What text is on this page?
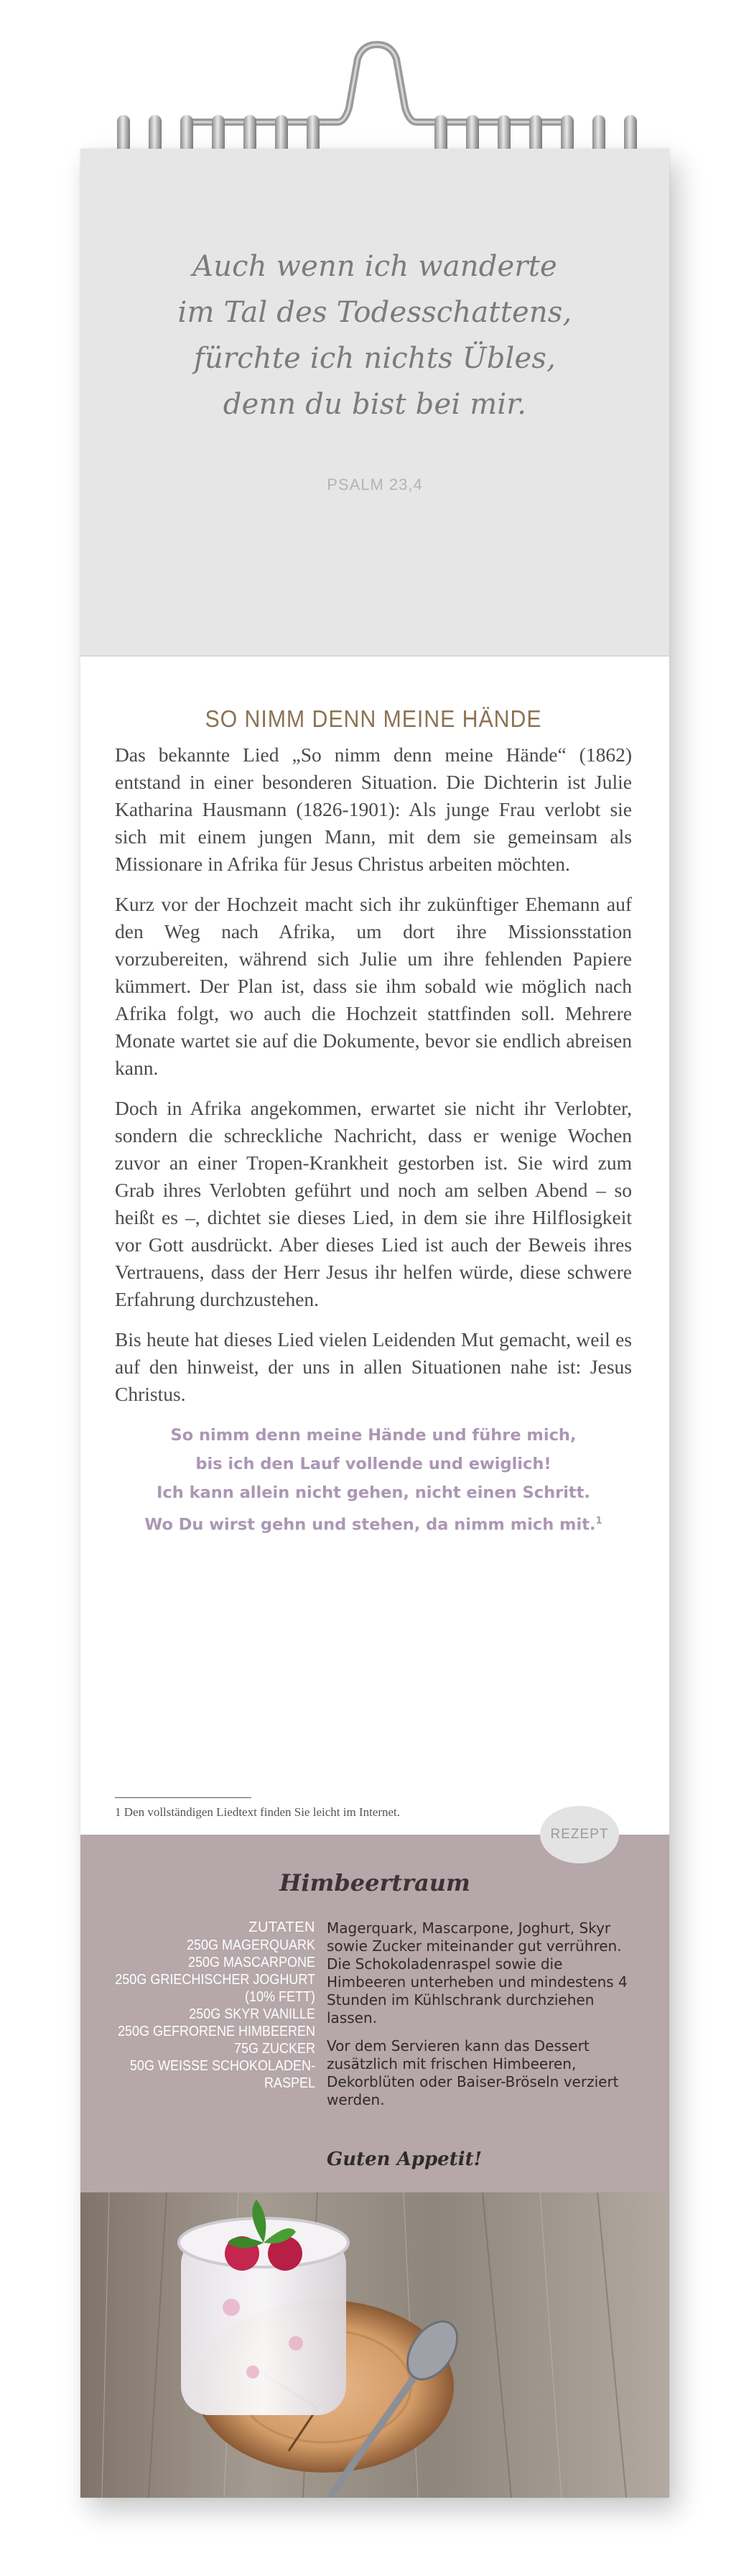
Auch wenn ich wanderte
im Tal des Todesschattens,
fürchte ich nichts Übles,
denn du bist bei mir.
PSALM 23,4
SO NIMM DENN MEINE HÄNDE

Das bekannte Lied „So nimm denn meine Hände“ (1862) entstand in einer besonderen Situation. Die Dichterin ist Julie Katharina Hausmann (1826-1901): Als junge Frau verlobt sie sich mit einem jungen Mann, mit dem sie gemeinsam als Missionare in Afrika für Jesus Christus arbeiten möchten.

Kurz vor der Hochzeit macht sich ihr zukünftiger Ehemann auf den Weg nach Afrika, um dort ihre Missionsstation vorzubereiten, während sich Julie um ihre fehlenden Papiere kümmert. Der Plan ist, dass sie ihm sobald wie möglich nach Afrika folgt, wo auch die Hochzeit stattfinden soll. Mehrere Monate wartet sie auf die Dokumente, bevor sie endlich abreisen kann.

Doch in Afrika angekommen, erwartet sie nicht ihr Verlobter, sondern die schreckliche Nachricht, dass er wenige Wochen zuvor an einer Tropen-Krankheit gestorben ist. Sie wird zum Grab ihres Verlobten geführt und noch am selben Abend – so heißt es –, dichtet sie dieses Lied, in dem sie ihre Hilflosigkeit vor Gott ausdrückt. Aber dieses Lied ist auch der Beweis ihres Vertrauens, dass der Herr Jesus ihr helfen würde, diese schwere Erfahrung durchzustehen.

Bis heute hat dieses Lied vielen Leidenden Mut gemacht, weil es auf den hinweist, der uns in allen Situationen nahe ist: Jesus Christus.

So nimm denn meine Hände und führe mich,
bis ich den Lauf vollende und ewiglich!
Ich kann allein nicht gehen, nicht einen Schritt.
Wo Du wirst gehn und stehen, da nimm mich mit.$^1$
1 Den vollständigen Liedtext finden Sie leicht im Internet.
Himbeertraum
ZUTATEN
250G MAGERQUARK
250G MASCARPONE
250G GRIECHISCHER JOGHURT
(10% FETT)
250G SKYR VANILLE
250G GEFRORENE HIMBEEREN
75G ZUCKER
50G WEISSE SCHOKOLADEN-
RASPEL

Magerquark, Mascarpone, Joghurt, Skyr sowie Zucker miteinander gut verrühren. Die Schokoladenraspel sowie die Himbeeren unterheben und mindestens 4 Stunden im Kühlschrank durchziehen lassen.

Vor dem Servieren kann das Dessert zusätzlich mit frischen Himbeeren, Dekorblüten oder Baiser-Bröseln verziert werden.

Guten Appetit!
REZEPT
